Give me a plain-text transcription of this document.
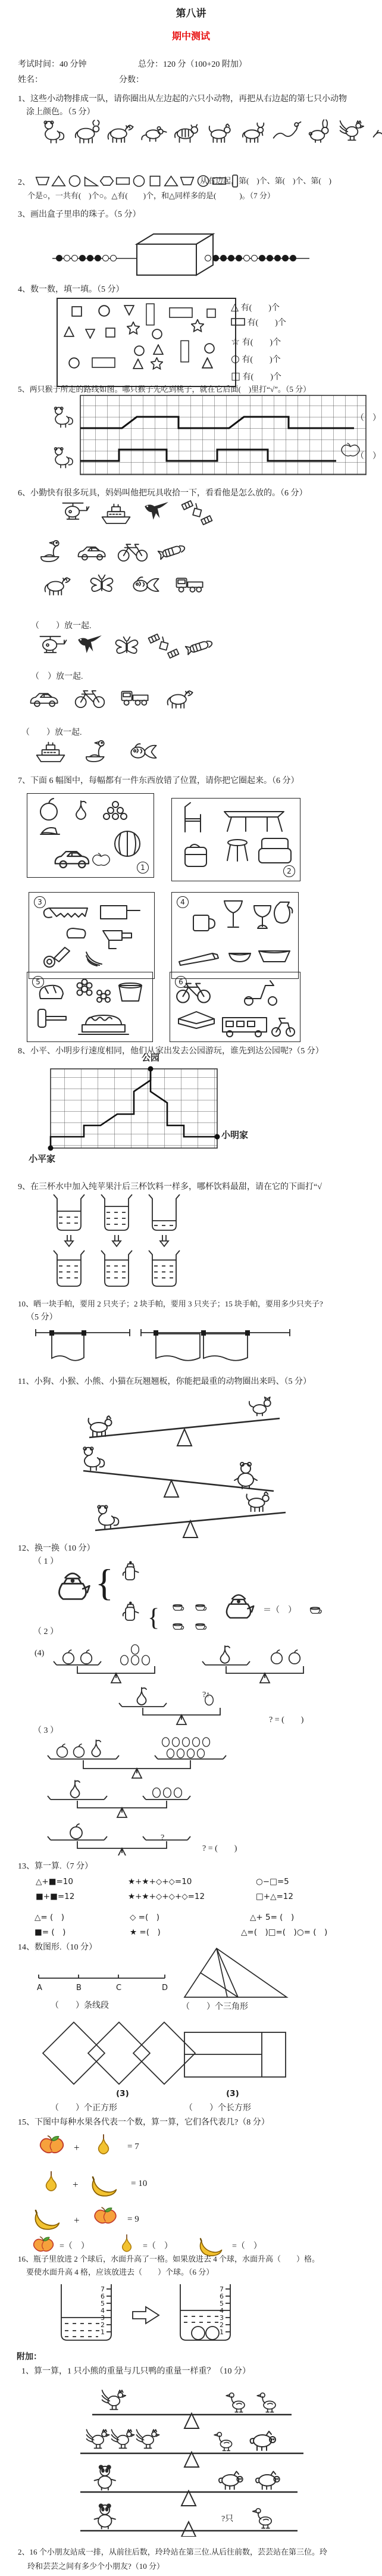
第八讲
期中测试
考试时间：40 分钟	总分：120 分（100+20 附加）
姓名：	分数：
1、这些小动物排成一队，请你圈出从左边起的六只小动物，再把从右边起的第七只小动物
涂上颜色。（5 分）
2、	从右边起，第(　)个、第(　)个、第(　)
个是○，一共有(　)个○。△有(　　)个，和△同样多的是(　　　)。（7 分）
3、画出盒子里串的珠子。（5 分）
4、数一数，填一填。（5 分）
△ 有(　　)个
有(　　)个
☆ 有(　　)个
○ 有(　　)个
□ 有(　　)个
5、两只猴子所走的路线如图。哪只猴子先吃到桃子，就在它后面(　)里打“√”。（5 分）
（　）
（　）
6、小勤快有很多玩具，妈妈叫他把玩具收拾一下，看看他是怎么放的。（6 分）
（　　）放一起.
（　）放一起.
（　　）放一起.
7、下面 6 幅图中，每幅都有一件东西放错了位置，请你把它圈起来。（6 分）
1	2
3	4
5	6
8、小平、小明步行速度相同，他们从家出发去公园游玩，谁先到达公园呢?（5 分）
公园
小明家
小平家
9、在三杯水中加入纯苹果汁后三杯饮料一样多，哪杯饮料最甜，请在它的下面打“√
10、晒一块手帕，要用 2 只夹子；2 块手帕，要用 3 只夹子；15 块手帕，要用多少只夹子?
（5 分）
11、小狗、小猴、小熊、小猫在玩翘翘板，你能把最重的动物圈出来吗、（5 分）
12、换一换（10 分）
（ 1 ） {
{	＝（　）
（ 2 ）
(4)
?↑
? = (　　)
（ 3 ）
?
? = (　　)
13、算一算.（7 分）
△+■=10	★+★+◇+◇=10	○−□=5
■+■=12	★+★+◇+◇+◇=12	□+△=12
△= (　)	◇ =(　)	△+ 5= (　)
■= (　)	★ =(　)	△=(　)□=(　)○= (　)
14、数图形.（10 分）
A	B	C	D
（　　）条线段	（　　）个三角形
(3)
（　　）个正方形
(3)
（　　）个长方形
15、下图中每种水果各代表一个数，算一算，它们各代表几?（8 分）
+	= 7
+	= 10
+	= 9
=（　）	=（　）	=（　）
16、瓶子里放进 2 个球后，水面升高了一格。如果放进去 4 个球，水面升高（　　）格。
要使水面升高 4 格，应该放进去（　　）个球。（6 分）
7
6
5
4
3
2
1
7
6
5
4
3
2
1
附加：
1、算一算，1 只小熊的重量与几只鸭的重量一样重？（10 分）
?只
2、16 个小朋友站成一排，从前往后数，玲玲站在第三位.从后往前数，芸芸站在第三位。玲
玲和芸芸之间有多少个小朋友?（10 分）
